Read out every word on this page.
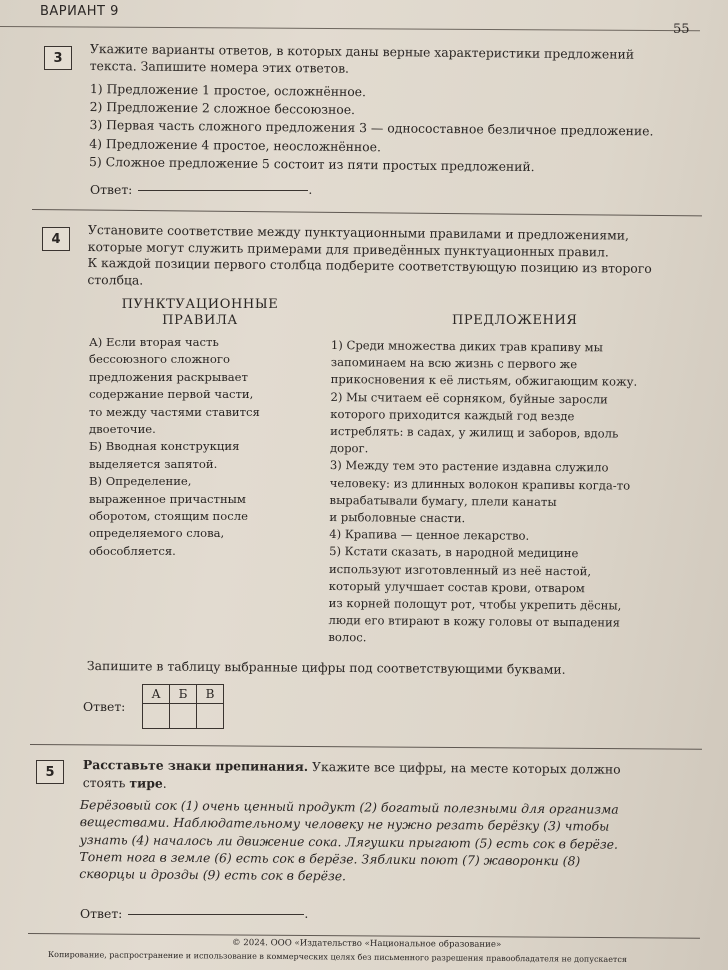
ВАРИАНТ 9
55
3	Укажите варианты ответов, в которых даны верные характеристики предложений
текста. Запишите номера этих ответов.
1) Предложение 1 простое, осложнённое.
2) Предложение 2 сложное бессоюзное.
3) Первая часть сложного предложения 3 — односоставное безличное предложение.
4) Предложение 4 простое, неосложнённое.
5) Сложное предложение 5 состоит из пяти простых предложений.
Ответ:	.
4	Установите соответствие между пунктуационными правилами и предложениями,
которые могут служить примерами для приведённых пунктуационных правил.
К каждой позиции первого столбца подберите соответствующую позицию из второго
столбца.
ПУНКТУАЦИОННЫЕ
ПРАВИЛА	ПРЕДЛОЖЕНИЯ
А) Если вторая часть
бессоюзного сложного
предложения раскрывает
содержание первой части,
то между частями ставится
двоеточие.
Б) Вводная конструкция
выделяется запятой.
В) Определение,
выраженное причастным
оборотом, стоящим после
определяемого слова,
обособляется.
1) Среди множества диких трав крапиву мы
запоминаем на всю жизнь с первого же
прикосновения к её листьям, обжигающим кожу.
2) Мы считаем её сорняком, буйные заросли
которого приходится каждый год везде
истреблять: в садах, у жилищ и заборов, вдоль
дорог.
3) Между тем это растение издавна служило
человеку: из длинных волокон крапивы когда-то
вырабатывали бумагу, плели канаты
и рыболовные снасти.
4) Крапива — ценное лекарство.
5) Кстати сказать, в народной медицине
используют изготовленный из неё настой,
который улучшает состав крови, отваром
из корней полощут рот, чтобы укрепить дёсны,
люди его втирают в кожу головы от выпадения
волос.
Запишите в таблицу выбранные цифры под соответствующими буквами.
Ответ:
А	Б	В

5	Расставьте знаки препинания. Укажите все цифры, на месте которых должно
стоять тире.
Берёзовый сок (1) очень ценный продукт (2) богатый полезными для организма
веществами. Наблюдательному человеку не нужно резать берёзку (3) чтобы
узнать (4) началось ли движение сока. Лягушки прыгают (5) есть сок в берёзе.
Тонет нога в земле (6) есть сок в берёзе. Зяблики поют (7) жаворонки (8)
скворцы и дрозды (9) есть сок в берёзе.
Ответ:	.
© 2024. ООО «Издательство «Национальное образование»
Копирование, распространение и использование в коммерческих целях без письменного разрешения правообладателя не допускается
